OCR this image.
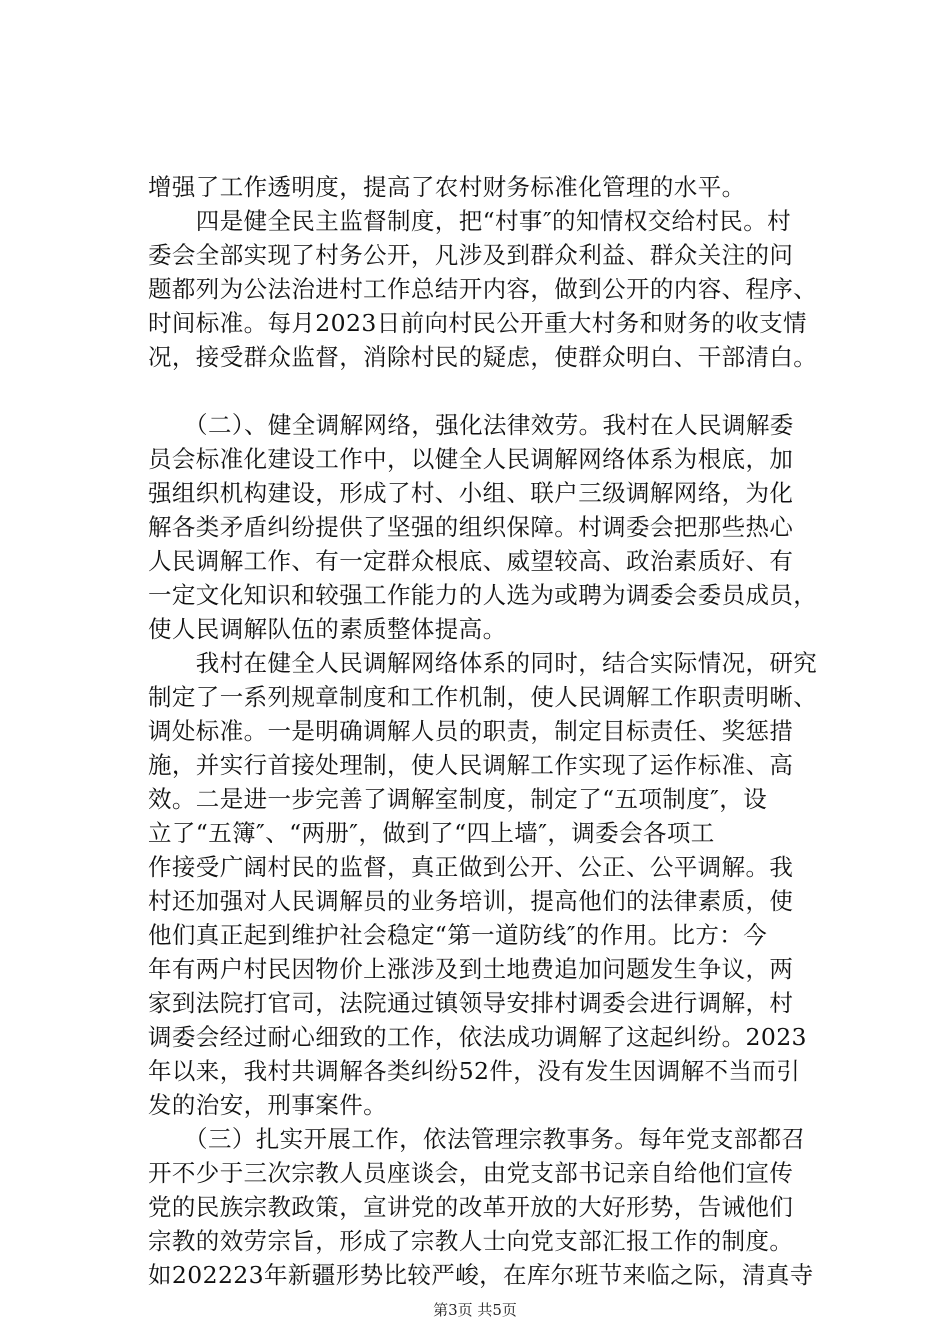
增强了工作透明度，提高了农村财务标准化管理的水平。
　　四是健全民主监督制度，把“村事″的知情权交给村民。村
委会全部实现了村务公开，凡涉及到群众利益、群众关注的问
题都列为公法治进村工作总结开内容，做到公开的内容、程序、
时间标准。每月2023日前向村民公开重大村务和财务的收支情
况，接受群众监督，消除村民的疑虑，使群众明白、干部清白。
　　（二）、健全调解网络，强化法律效劳。我村在人民调解委
员会标准化建设工作中，以健全人民调解网络体系为根底，加
强组织机构建设，形成了村、小组、联户三级调解网络，为化
解各类矛盾纠纷提供了坚强的组织保障。村调委会把那些热心
人民调解工作、有一定群众根底、威望较高、政治素质好、有
一定文化知识和较强工作能力的人选为或聘为调委会委员成员，
使人民调解队伍的素质整体提高。
　　我村在健全人民调解网络体系的同时，结合实际情况，研究
制定了一系列规章制度和工作机制，使人民调解工作职责明晰、
调处标准。一是明确调解人员的职责，制定目标责任、奖惩措
施，并实行首接处理制，使人民调解工作实现了运作标准、高
效。二是进一步完善了调解室制度，制定了“五项制度″，设
立了“五簿″、“两册″，做到了“四上墙″，调委会各项工
作接受广阔村民的监督，真正做到公开、公正、公平调解。我
村还加强对人民调解员的业务培训，提高他们的法律素质，使
他们真正起到维护社会稳定“第一道防线″的作用。比方：今
年有两户村民因物价上涨涉及到土地费追加问题发生争议，两
家到法院打官司，法院通过镇领导安排村调委会进行调解，村
调委会经过耐心细致的工作，依法成功调解了这起纠纷。2023
年以来，我村共调解各类纠纷52件，没有发生因调解不当而引
发的治安，刑事案件。
　　（三）扎实开展工作，依法管理宗教事务。每年党支部都召
开不少于三次宗教人员座谈会，由党支部书记亲自给他们宣传
党的民族宗教政策，宣讲党的改革开放的大好形势，告诫他们
宗教的效劳宗旨，形成了宗教人士向党支部汇报工作的制度。
如202223年新疆形势比较严峻，在库尔班节来临之际，清真寺
第3页 共5页
